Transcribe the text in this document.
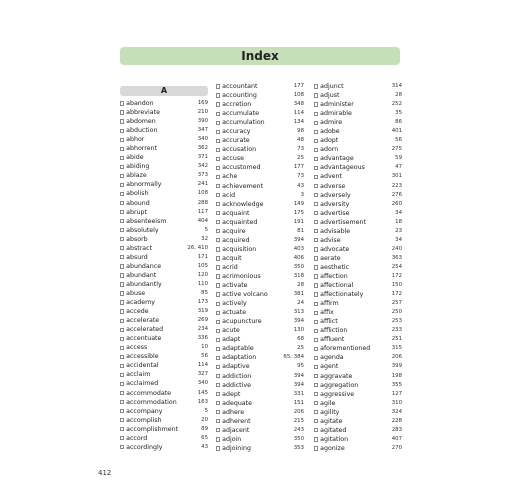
Index
A
abandon	169
abbreviate	210
abdomen	390
abduction	347
abhor	340
abhorrent	362
abide	371
abiding	342
ablaze	373
abnormally	241
abolish	108
abound	288
abrupt	117
absenteeism	404
absolutely	5
absorb	32
abstract	26, 410
absurd	171
abundance	105
abundant	120
abundantly	110
abuse	85
academy	173
accede	319
accelerate	269
accelerated	234
accentuate	336
access	10
accessible	56
accidental	114
acclaim	327
acclaimed	340
accommodate	145
accommodation	163
accompany	5
accomplish	20
accomplishment	89
accord	65
accordingly	43
accountant	177
accounting	108
accretion	348
accumulate	114
accumulation	134
accuracy	98
accurate	48
accusation	73
accuse	25
accustomed	177
ache	73
achievement	43
acid	3
acknowledge	149
acquaint	175
acquainted	191
acquire	81
acquired	394
acquisition	403
acquit	406
acrid	350
acrimonious	318
activate	28
active volcano	381
actively	24
actuate	313
acupuncture	394
acute	130
adapt	68
adaptable	25
adaptation	65, 384
adaptive	95
addiction	394
addictive	394
adept	331
adequate	151
adhere	206
adherent	215
adjacent	243
adjoin	350
adjoining	353
adjunct	314
adjust	28
administer	252
admirable	35
admire	86
adobe	401
adopt	56
adorn	275
advantage	59
advantageous	47
advent	301
adverse	223
adversely	276
adversity	260
advertise	34
advertisement	18
advisable	23
advise	34
advocate	240
aerate	363
aesthetic	254
affection	172
affectional	150
affectionately	172
affirm	257
affix	250
afflict	253
affliction	233
affluent	251
aforementioned	315
agenda	206
agent	399
aggravate	198
aggregation	355
aggressive	127
agile	310
agility	324
agitate	228
agitated	283
agitation	407
agonize	270
412
